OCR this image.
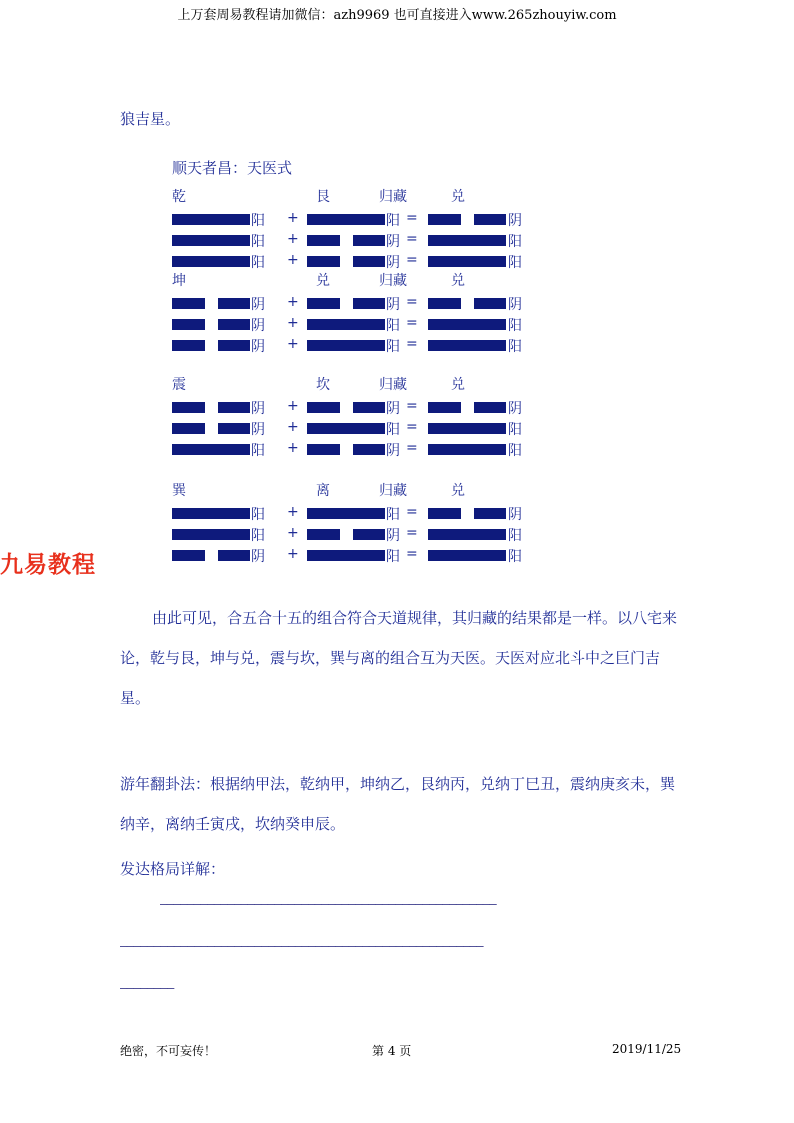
上万套周易教程请加微信：azh9969 也可直接进入www.265zhouyiw.com
九易教程
狼吉星。
顺天者昌：天医式
乾	艮	归藏	兑
阳 +	阳 =	阴
阳 +	阴 =	阳
阳 +	阴 =	阳
坤	兑	归藏	兑
阴 +	阴 =	阴
阴 +	阳 =	阳
阴 +	阳 =	阳
震	坎	归藏	兑
阴 +	阴 =	阴
阴 +	阳 =	阳
阳 +	阴 =	阳
巽	离	归藏	兑
阳 +	阳 =	阴
阳 +	阴 =	阳
阴 +	阳 =	阳
由此可见，合五合十五的组合符合天道规律，其归藏的结果都是一样。以八宅来论，乾与艮，坤与兑，震与坎，巽与离的组合互为天医。天医对应北斗中之巨门吉星。
游年翻卦法：根据纳甲法，乾纳甲，坤纳乙，艮纳丙，兑纳丁巳丑，震纳庚亥未，巽纳辛，离纳壬寅戌，坎纳癸申辰。
发达格局详解：
——————————————————————————————————————————————————
——————————————————————————————————————————————————————
————————
绝密，不可妄传！	第 4 页	2019/11/25
